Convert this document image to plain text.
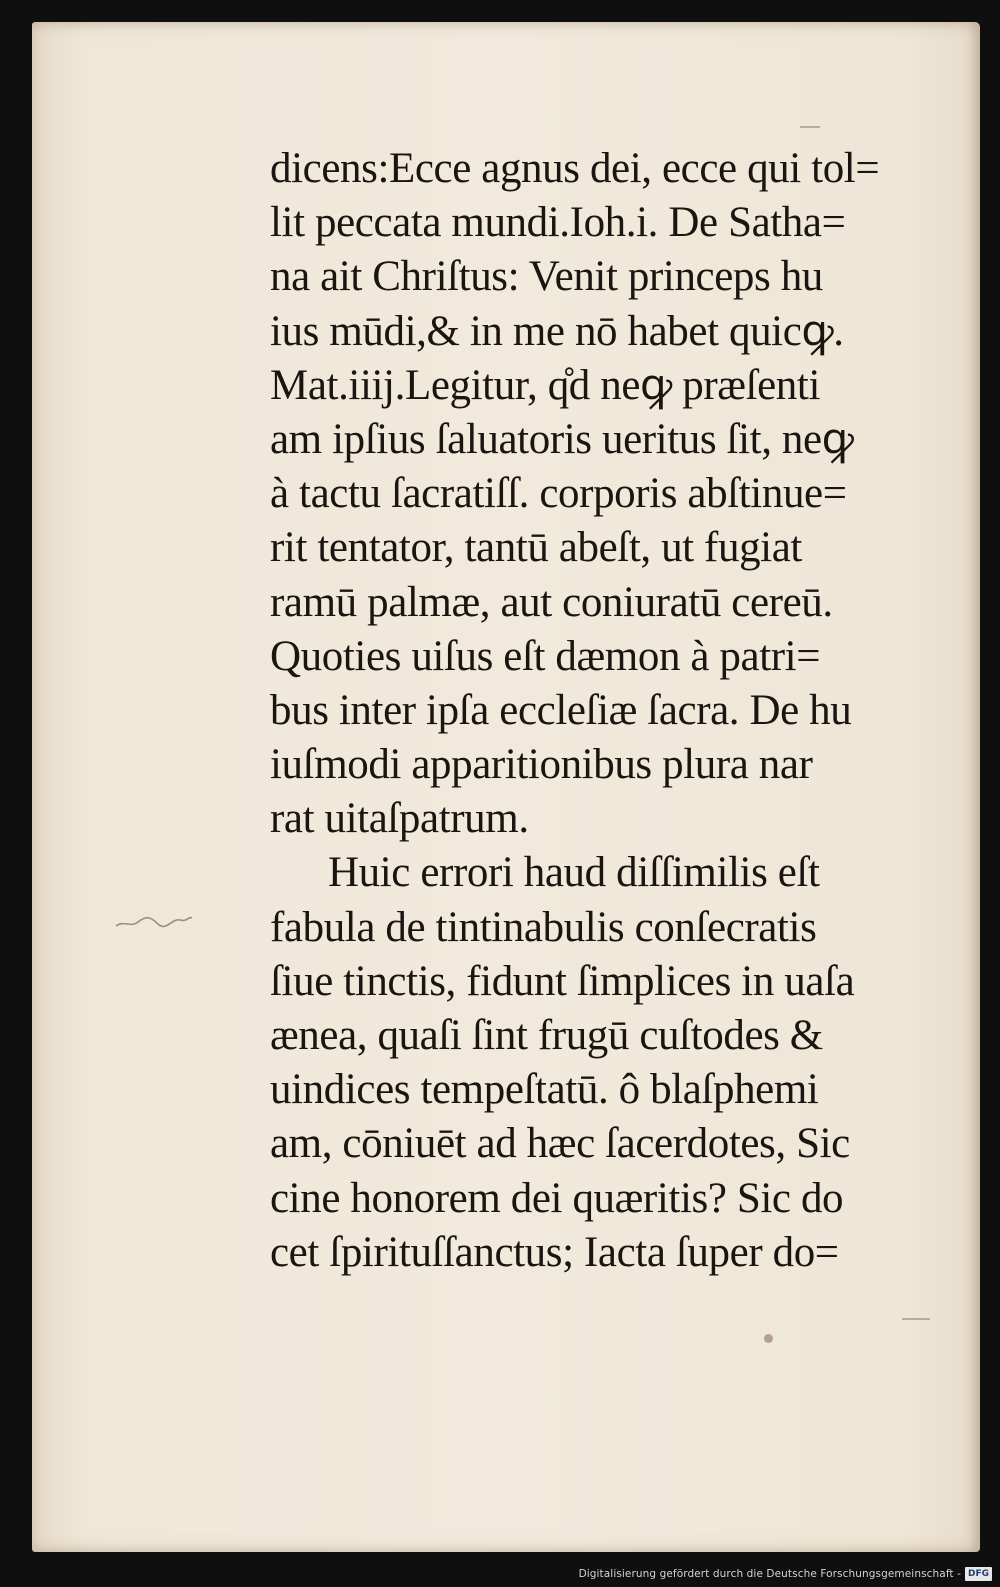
dicens:Ecce agnus dei, ecce qui tol=
lit peccata mundi.Ioh.i. De Satha=
na ait Chriſtus: Venit princeps hu
ius mūdi,& in me nō habet quicꝙ.
Mat.iiij.Legitur, q̊d neꝙ præſenti
am ipſius ſaluatoris ueritus ſit, neꝙ
à tactu ſacratiſſ. corporis abſtinue=
rit tentator, tantū abeſt, ut fugiat
ramū palmæ, aut coniuratū cereū.
Quoties uiſus eſt dæmon à patri=
bus inter ipſa eccleſiæ ſacra. De hu
iuſmodi apparitionibus plura nar
rat uitaſpatrum.
Huic errori haud diſſimilis eſt
fabula de tintinabulis conſecratis
ſiue tinctis, fidunt ſimplices in uaſa
ænea, quaſi ſint frugū cuſtodes &
uindices tempeſtatū. ô blaſphemi
am, cōniuēt ad hæc ſacerdotes, Sic
cine honorem dei quæritis? Sic do
cet ſpirituſſanctus; Iacta ſuper do=
Digitalisierung gefördert durch die Deutsche Forschungsgemeinschaft - DFG
